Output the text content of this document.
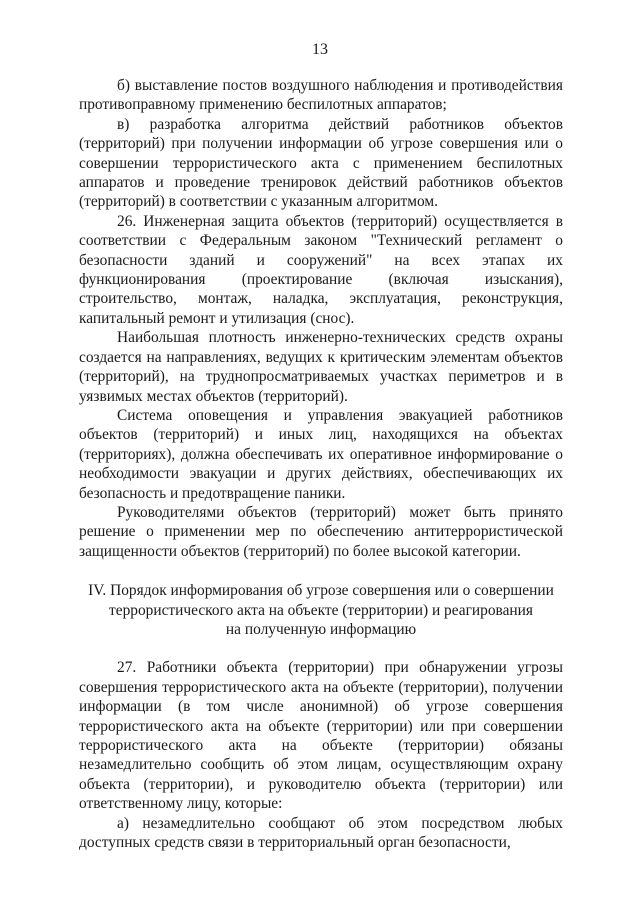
13

б) выставление постов воздушного наблюдения и противодействия противоправному применению беспилотных аппаратов;

в) разработка алгоритма действий работников объектов (территорий) при получении информации об угрозе совершения или о совершении террористического акта с применением беспилотных аппаратов и проведение тренировок действий работников объектов (территорий) в соответствии с указанным алгоритмом.

26. Инженерная защита объектов (территорий) осуществляется в соответствии с Федеральным законом "Технический регламент о безопасности зданий и сооружений" на всех этапах их функционирования (проектирование (включая изыскания), строительство, монтаж, наладка, эксплуатация, реконструкция, капитальный ремонт и утилизация (снос).

Наибольшая плотность инженерно-технических средств охраны создается на направлениях, ведущих к критическим элементам объектов (территорий), на труднопросматриваемых участках периметров и в уязвимых местах объектов (территорий).

Система оповещения и управления эвакуацией работников объектов (территорий) и иных лиц, находящихся на объектах (территориях), должна обеспечивать их оперативное информирование о необходимости эвакуации и других действиях, обеспечивающих их безопасность и предотвращение паники.

Руководителями объектов (территорий) может быть принято решение о применении мер по обеспечению антитеррористической защищенности объектов (территорий) по более высокой категории.

IV. Порядок информирования об угрозе совершения или о совершении
террористического акта на объекте (территории) и реагирования
на полученную информацию

27. Работники объекта (территории) при обнаружении угрозы совершения террористического акта на объекте (территории), получении информации (в том числе анонимной) об угрозе совершения террористического акта на объекте (территории) или при совершении террористического акта на объекте (территории) обязаны незамедлительно сообщить об этом лицам, осуществляющим охрану объекта (территории), и руководителю объекта (территории) или ответственному лицу, которые:

а) незамедлительно сообщают об этом посредством любых доступных средств связи в территориальный орган безопасности,
